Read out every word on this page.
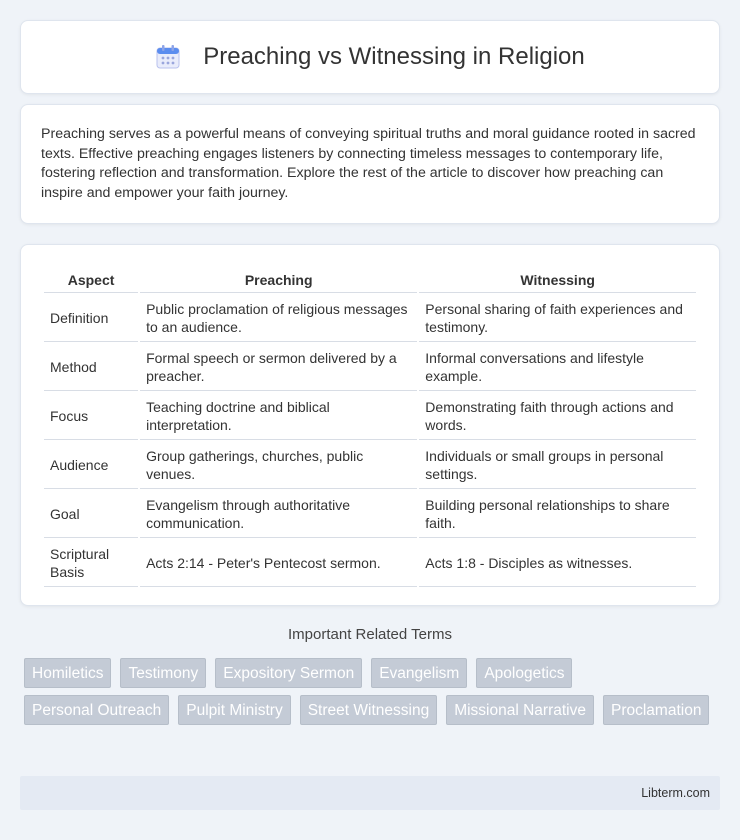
Preaching vs Witnessing in Religion

Preaching serves as a powerful means of conveying spiritual truths and moral guidance rooted in sacred texts. Effective preaching engages listeners by connecting timeless messages to contemporary life, fostering reflection and transformation. Explore the rest of the article to discover how preaching can inspire and empower your faith journey.

Aspect	Preaching	Witnessing
Definition	Public proclamation of religious messages to an audience.	Personal sharing of faith experiences and testimony.
Method	Formal speech or sermon delivered by a preacher.	Informal conversations and lifestyle example.
Focus	Teaching doctrine and biblical interpretation.	Demonstrating faith through actions and words.
Audience	Group gatherings, churches, public venues.	Individuals or small groups in personal settings.
Goal	Evangelism through authoritative communication.	Building personal relationships to share faith.
Scriptural Basis	Acts 2:14 - Peter's Pentecost sermon.	Acts 1:8 - Disciples as witnesses.
Important Related Terms
Homiletics	Testimony	Expository Sermon	Evangelism	Apologetics
Personal Outreach	Pulpit Ministry	Street Witnessing	Missional Narrative	Proclamation
Libterm.com
